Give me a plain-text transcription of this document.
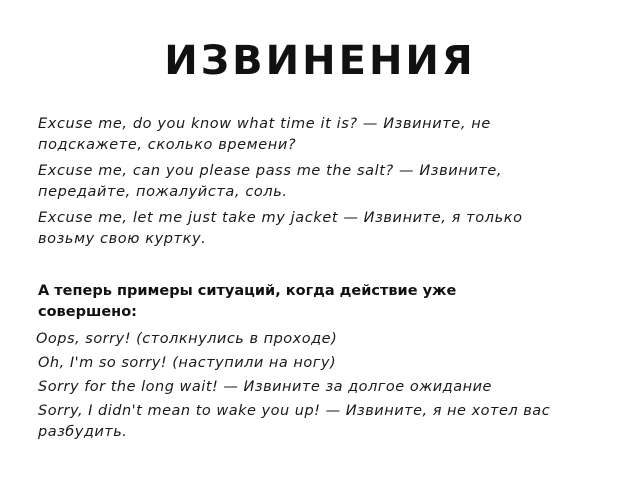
ИЗВИНЕНИЯ
Excuse me, do you know what time it is? — Извините, не
подскажете, сколько времени?
Excuse me, can you please pass me the salt? — Извините,
передайте, пожалуйста, соль.
Excuse me, let me just take my jacket — Извините, я только
возьму свою куртку.
А теперь примеры ситуаций, когда действие уже
совершено:
Oops, sorry! (столкнулись в проходе)
Oh, I'm so sorry! (наступили на ногу)
Sorry for the long wait! — Извините за долгое ожидание
Sorry, I didn't mean to wake you up! — Извините, я не хотел вас
разбудить.
